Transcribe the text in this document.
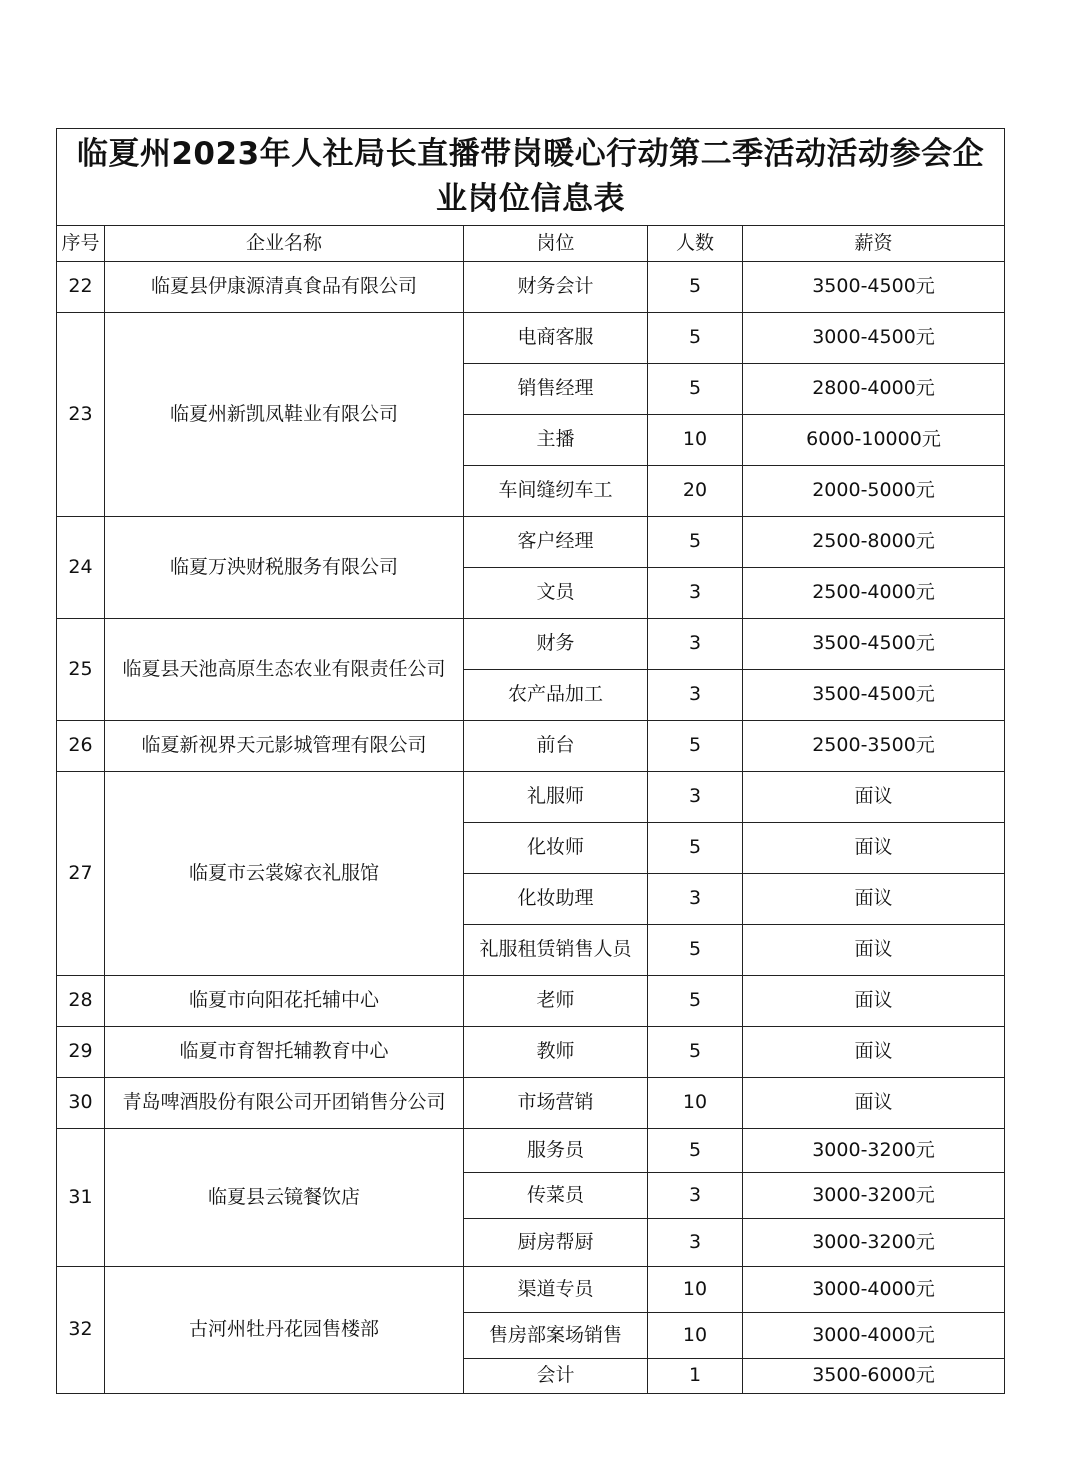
临夏州2023年人社局长直播带岗暖心行动第二季活动活动参会企业岗位信息表				
序号	企业名称	岗位	人数	薪资
22	临夏县伊康源清真食品有限公司	财务会计	5	3500-4500元
23	临夏州新凯凤鞋业有限公司	电商客服	5	3000-4500元
		销售经理	5	2800-4000元
		主播	10	6000-10000元
		车间缝纫车工	20	2000-5000元
24	临夏万泱财税服务有限公司	客户经理	5	2500-8000元
		文员	3	2500-4000元
25	临夏县天池高原生态农业有限责任公司	财务	3	3500-4500元
		农产品加工	3	3500-4500元
26	临夏新视界天元影城管理有限公司	前台	5	2500-3500元
27	临夏市云裳嫁衣礼服馆	礼服师	3	面议
		化妆师	5	面议
		化妆助理	3	面议
		礼服租赁销售人员	5	面议
28	临夏市向阳花托辅中心	老师	5	面议
29	临夏市育智托辅教育中心	教师	5	面议
30	青岛啤酒股份有限公司开团销售分公司	市场营销	10	面议
31	临夏县云镜餐饮店	服务员	5	3000-3200元
		传菜员	3	3000-3200元
		厨房帮厨	3	3000-3200元
32	古河州牡丹花园售楼部	渠道专员	10	3000-4000元
		售房部案场销售	10	3000-4000元
		会计	1	3500-6000元
